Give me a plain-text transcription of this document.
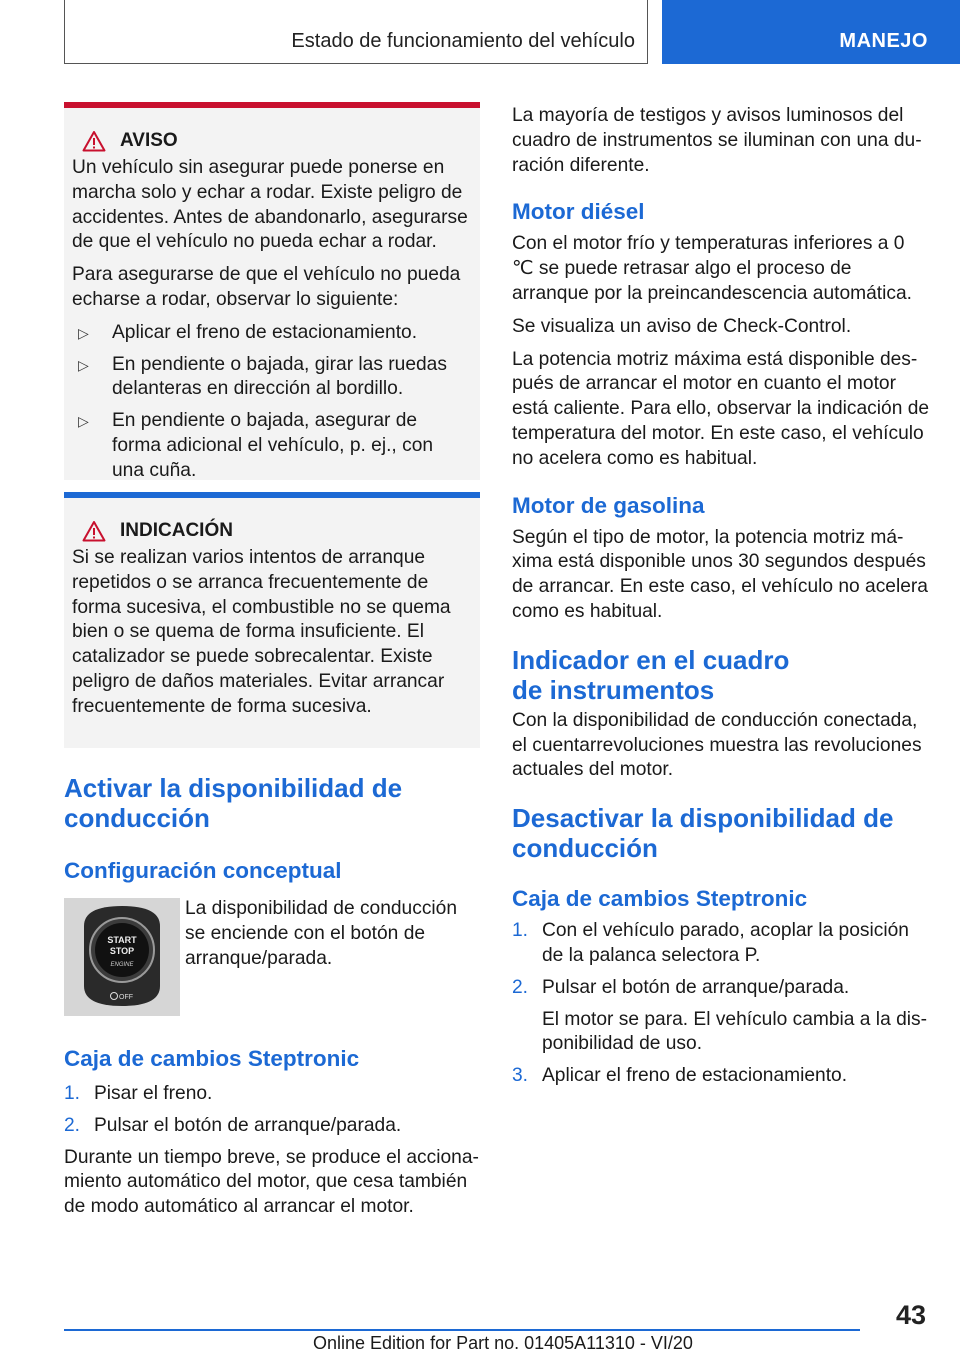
Estado de funcionamiento del vehículo	MANEJO
AVISO

Un vehículo sin asegurar puede ponerse en marcha solo y echar a rodar. Existe peligro de accidentes. Antes de abandonarlo, asegurarse de que el vehículo no pueda echar a rodar.

Para asegurarse de que el vehículo no pueda echarse a rodar, observar lo siguiente:

▷	Aplicar el freno de estacionamiento.
▷	En pendiente o bajada, girar las ruedas delanteras en dirección al bordillo.
▷	En pendiente o bajada, asegurar de forma adicional el vehículo, p. ej., con una cuña.
INDICACIÓN

Si se realizan varios intentos de arranque repetidos o se arranca frecuentemente de forma sucesiva, el combustible no se quema bien o se quema de forma insuficiente. El catalizador se puede sobrecalentar. Existe peligro de daños materiales. Evitar arrancar frecuentemente de forma sucesiva.

Activar la disponibilidad de

conducción

Configuración conceptual

START
STOP
ENGINE
OFF

La disponibilidad de conducción se enciende con el botón de arranque/parada.

Caja de cambios Steptronic

1. Pisar el freno.
2. Pulsar el botón de arranque/parada.

Durante un tiempo breve, se produce el accionamiento automático del motor, que cesa también de modo automático al arrancar el motor.

La mayoría de testigos y avisos luminosos del cuadro de instrumentos se iluminan con una duración diferente.

Motor diésel

Con el motor frío y temperaturas inferiores a 0 ℃ se puede retrasar algo el proceso de arranque por la preincandescencia automática.

Se visualiza un aviso de Check-Control.

La potencia motriz máxima está disponible después de arrancar el motor en cuanto el motor está caliente. Para ello, observar la indicación de temperatura del motor. En este caso, el vehículo no acelera como es habitual.

Motor de gasolina

Según el tipo de motor, la potencia motriz máxima está disponible unos 30 segundos después de arrancar. En este caso, el vehículo no acelera como es habitual.

Indicador en el cuadro

de instrumentos

Con la disponibilidad de conducción conectada, el cuentarrevoluciones muestra las revoluciones actuales del motor.

Desactivar la disponibilidad de

conducción

Caja de cambios Steptronic

1. Con el vehículo parado, acoplar la posición de la palanca selectora P.
2. Pulsar el botón de arranque/parada.
El motor se para. El vehículo cambia a la disponibilidad de uso.
3. Aplicar el freno de estacionamiento.
43
Online Edition for Part no. 01405A11310 - VI/20
